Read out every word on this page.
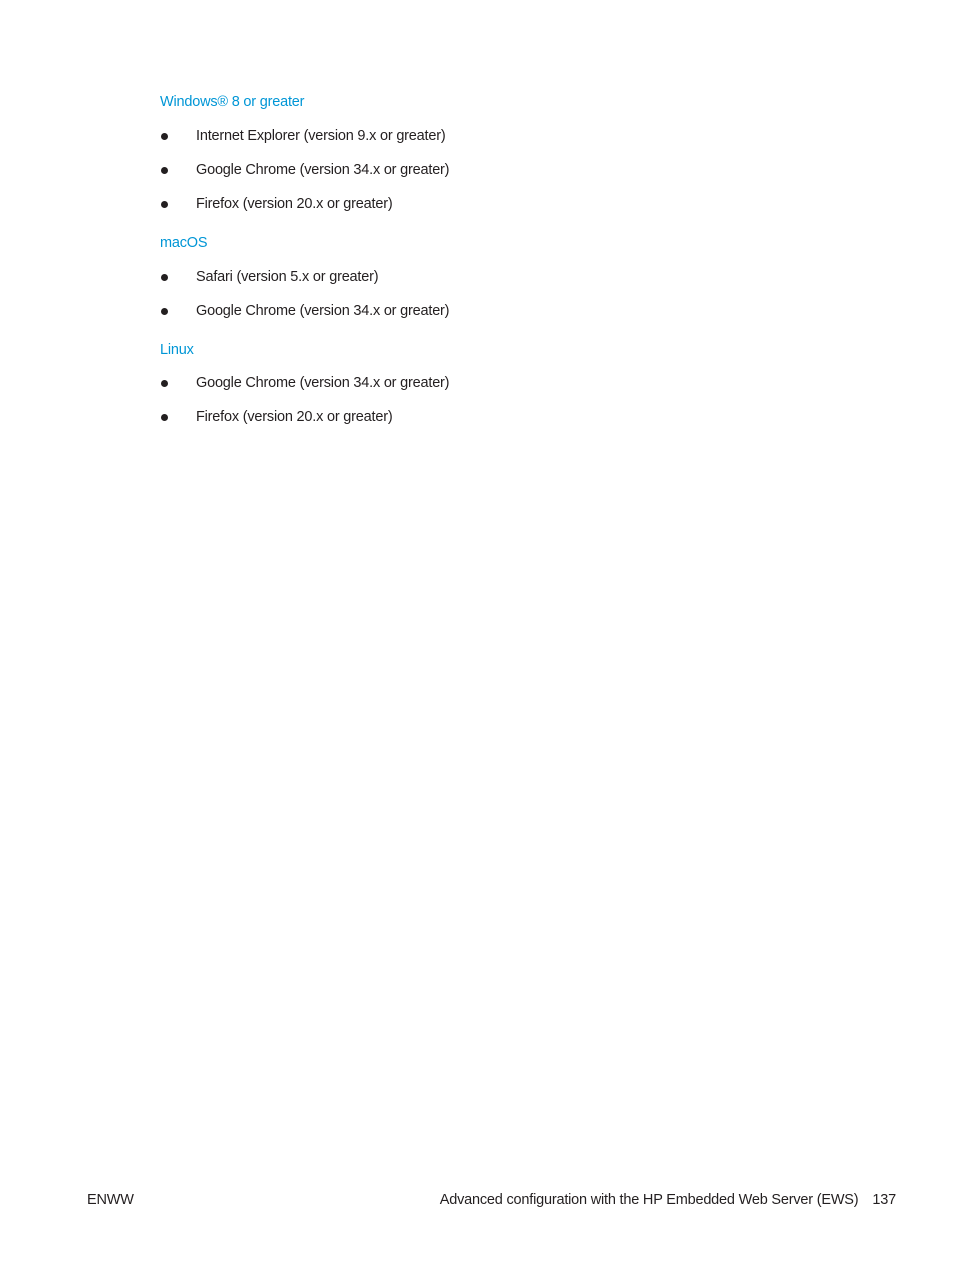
Windows® 8 or greater
Internet Explorer (version 9.x or greater)
Google Chrome (version 34.x or greater)
Firefox (version 20.x or greater)
macOS
Safari (version 5.x or greater)
Google Chrome (version 34.x or greater)
Linux
Google Chrome (version 34.x or greater)
Firefox (version 20.x or greater)
ENWW	Advanced configuration with the HP Embedded Web Server (EWS) 137
